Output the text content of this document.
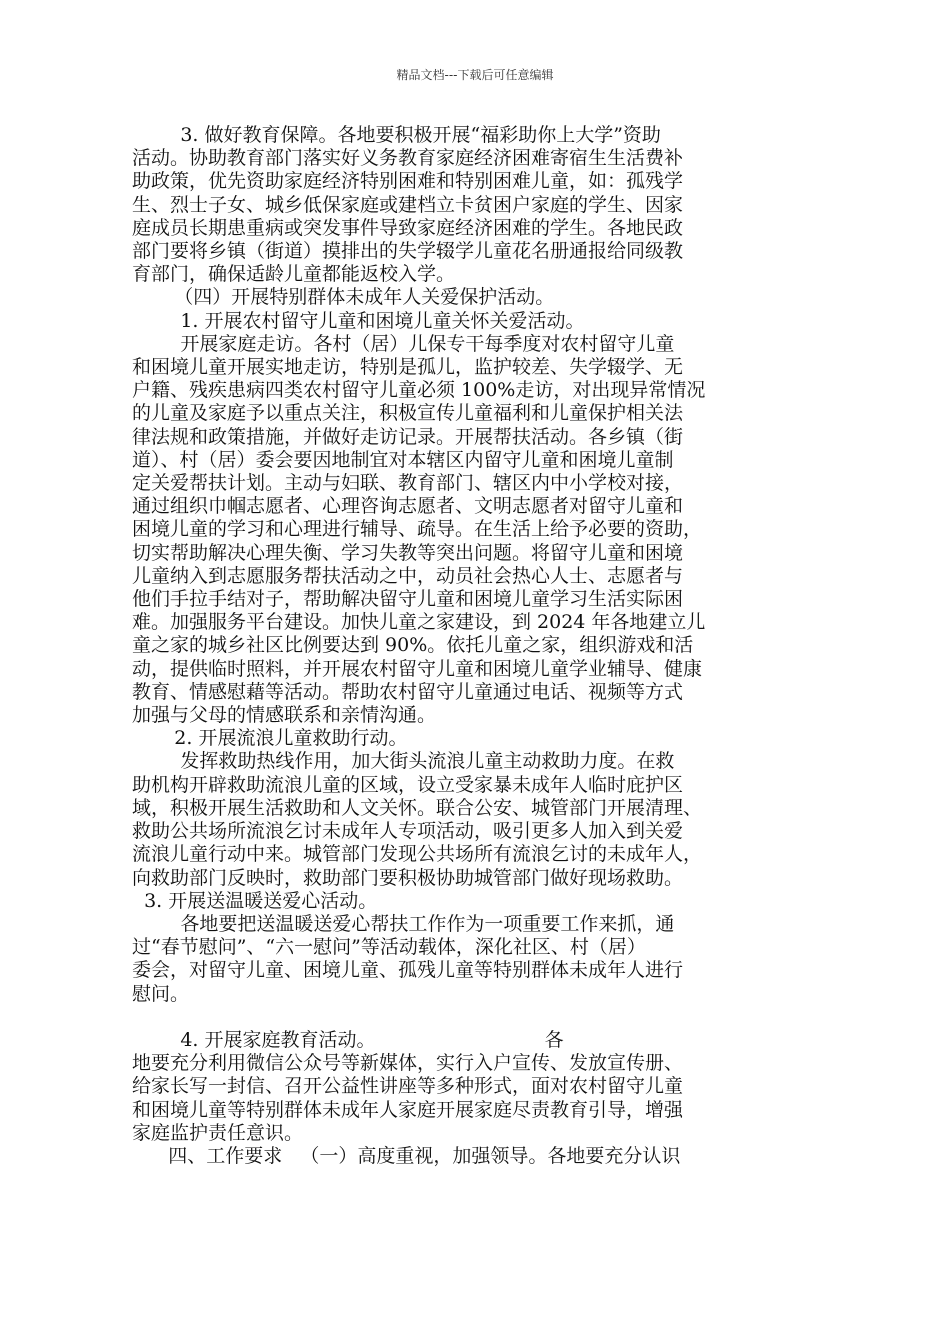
精品文档---下载后可任意编辑
3. 做好教育保障。各地要积极开展“福彩助你上大学”资助
活动。协助教育部门落实好义务教育家庭经济困难寄宿生生活费补
助政策，优先资助家庭经济特别困难和特别困难儿童，如：孤残学
生、烈士子女、城乡低保家庭或建档立卡贫困户家庭的学生、因家
庭成员长期患重病或突发事件导致家庭经济困难的学生。各地民政
部门要将乡镇（街道）摸排出的失学辍学儿童花名册通报给同级教
育部门，确保适龄儿童都能返校入学。
（四）开展特别群体未成年人关爱保护活动。
1. 开展农村留守儿童和困境儿童关怀关爱活动。
开展家庭走访。各村（居）儿保专干每季度对农村留守儿童
和困境儿童开展实地走访，特别是孤儿，监护较差、失学辍学、无
户籍、残疾患病四类农村留守儿童必须 100%走访，对出现异常情况
的儿童及家庭予以重点关注，积极宣传儿童福利和儿童保护相关法
律法规和政策措施，并做好走访记录。开展帮扶活动。各乡镇（街
道）、村（居）委会要因地制宜对本辖区内留守儿童和困境儿童制
定关爱帮扶计划。主动与妇联、教育部门、辖区内中小学校对接，
通过组织巾帼志愿者、心理咨询志愿者、文明志愿者对留守儿童和
困境儿童的学习和心理进行辅导、疏导。在生活上给予必要的资助，
切实帮助解决心理失衡、学习失教等突出问题。将留守儿童和困境
儿童纳入到志愿服务帮扶活动之中，动员社会热心人士、志愿者与
他们手拉手结对子，帮助解决留守儿童和困境儿童学习生活实际困
难。加强服务平台建设。加快儿童之家建设，到 2024 年各地建立儿
童之家的城乡社区比例要达到 90%。依托儿童之家，组织游戏和活
动，提供临时照料，并开展农村留守儿童和困境儿童学业辅导、健康
教育、情感慰藉等活动。帮助农村留守儿童通过电话、视频等方式
加强与父母的情感联系和亲情沟通。
2. 开展流浪儿童救助行动。
发挥救助热线作用，加大街头流浪儿童主动救助力度。在救
助机构开辟救助流浪儿童的区域，设立受家暴未成年人临时庇护区
域，积极开展生活救助和人文关怀。联合公安、城管部门开展清理、
救助公共场所流浪乞讨未成年人专项活动，吸引更多人加入到关爱
流浪儿童行动中来。城管部门发现公共场所有流浪乞讨的未成年人，
向救助部门反映时，救助部门要积极协助城管部门做好现场救助。
3. 开展送温暖送爱心活动。
各地要把送温暖送爱心帮扶工作作为一项重要工作来抓，通
过“春节慰问”、“六一慰问”等活动载体，深化社区、村（居）
委会，对留守儿童、困境儿童、孤残儿童等特别群体未成年人进行
慰问。

4. 开展家庭教育活动。                            各
地要充分利用微信公众号等新媒体，实行入户宣传、发放宣传册、
给家长写一封信、召开公益性讲座等多种形式，面对农村留守儿童
和困境儿童等特别群体未成年人家庭开展家庭尽责教育引导，增强
家庭监护责任意识。
四、工作要求   （一）高度重视，加强领导。各地要充分认识
